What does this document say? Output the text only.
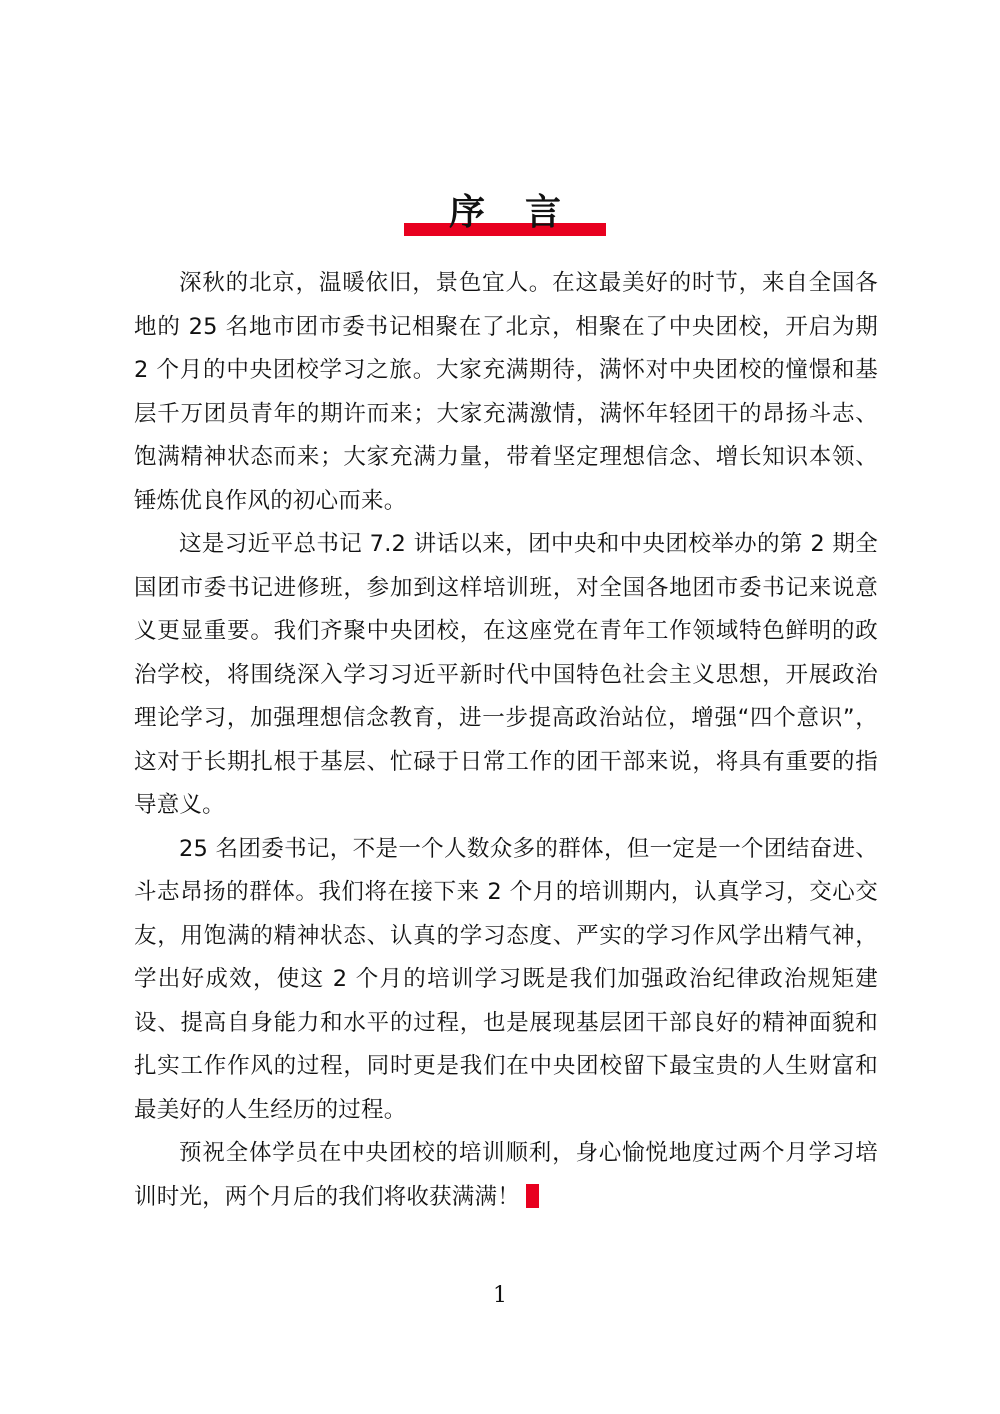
序言

深秋的北京，温暖依旧，景色宜人。在这最美好的时节，来自全国各地的 25 名地市团市委书记相聚在了北京，相聚在了中央团校，开启为期 2 个月的中央团校学习之旅。大家充满期待，满怀对中央团校的憧憬和基层千万团员青年的期许而来；大家充满激情，满怀年轻团干的昂扬斗志、饱满精神状态而来；大家充满力量，带着坚定理想信念、增长知识本领、锤炼优良作风的初心而来。

这是习近平总书记 7.2 讲话以来，团中央和中央团校举办的第 2 期全国团市委书记进修班，参加到这样培训班，对全国各地团市委书记来说意义更显重要。我们齐聚中央团校，在这座党在青年工作领域特色鲜明的政治学校，将围绕深入学习习近平新时代中国特色社会主义思想，开展政治理论学习，加强理想信念教育，进一步提高政治站位，增强“四个意识”，这对于长期扎根于基层、忙碌于日常工作的团干部来说，将具有重要的指导意义。

25 名团委书记，不是一个人数众多的群体，但一定是一个团结奋进、斗志昂扬的群体。我们将在接下来 2 个月的培训期内，认真学习，交心交友，用饱满的精神状态、认真的学习态度、严实的学习作风学出精气神，学出好成效，使这 2 个月的培训学习既是我们加强政治纪律政治规矩建设、提高自身能力和水平的过程，也是展现基层团干部良好的精神面貌和扎实工作作风的过程，同时更是我们在中央团校留下最宝贵的人生财富和最美好的人生经历的过程。

预祝全体学员在中央团校的培训顺利，身心愉悦地度过两个月学习培训时光，两个月后的我们将收获满满！

1
